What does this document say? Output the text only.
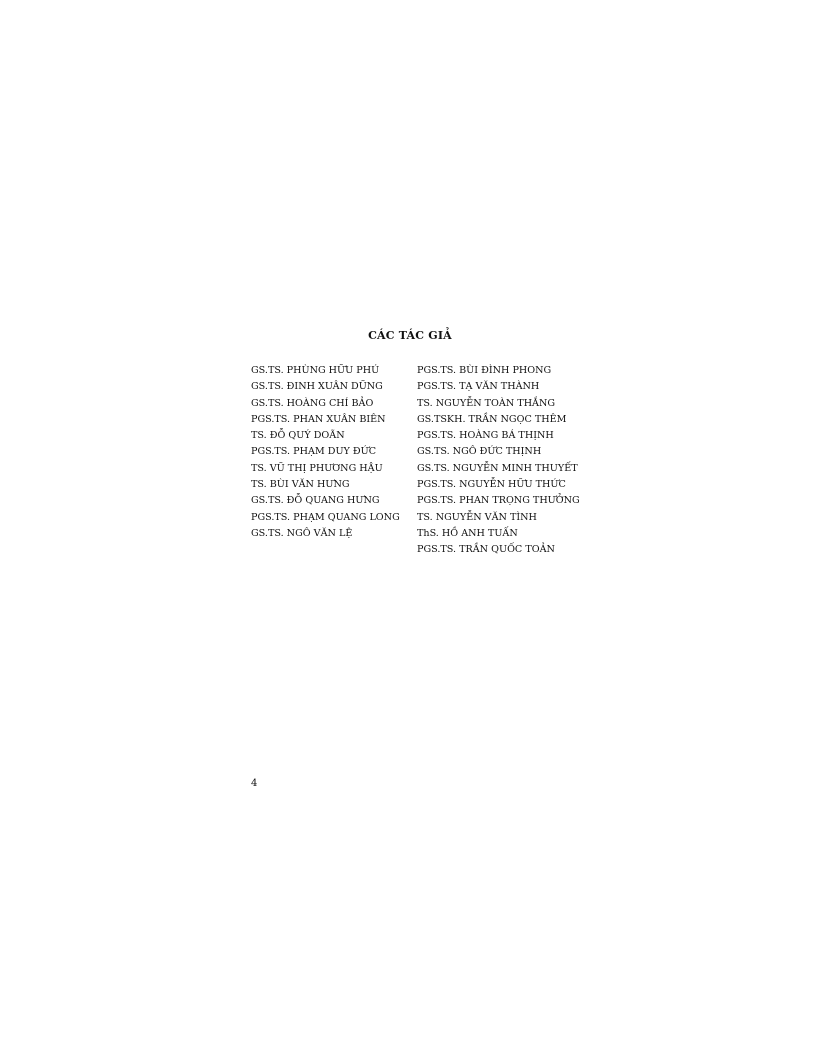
CÁC TÁC GIẢ
GS.TS. PHÙNG HỮU PHÚ
GS.TS. ĐINH XUÂN DŨNG
GS.TS. HOÀNG CHÍ BẢO
PGS.TS. PHAN XUÂN BIÊN
TS. ĐỖ QUÝ DOÃN
PGS.TS. PHẠM DUY ĐỨC
TS. VŨ THỊ PHƯƠNG HẬU
TS. BÙI VĂN HƯNG
GS.TS. ĐỖ QUANG HƯNG
PGS.TS. PHẠM QUANG LONG
GS.TS. NGÔ VĂN LỆ
PGS.TS. BÙI ĐÌNH PHONG
PGS.TS. TẠ VĂN THÀNH
TS. NGUYỄN TOÀN THẮNG
GS.TSKH. TRẦN NGỌC THÊM
PGS.TS. HOÀNG BÁ THỊNH
GS.TS. NGÔ ĐỨC THỊNH
GS.TS. NGUYỄN MINH THUYẾT
PGS.TS. NGUYỄN HỮU THỨC
PGS.TS. PHAN TRỌNG THƯỞNG
TS. NGUYỄN VĂN TÌNH
ThS. HỒ ANH TUẤN
PGS.TS. TRẦN QUỐC TOẢN
4
